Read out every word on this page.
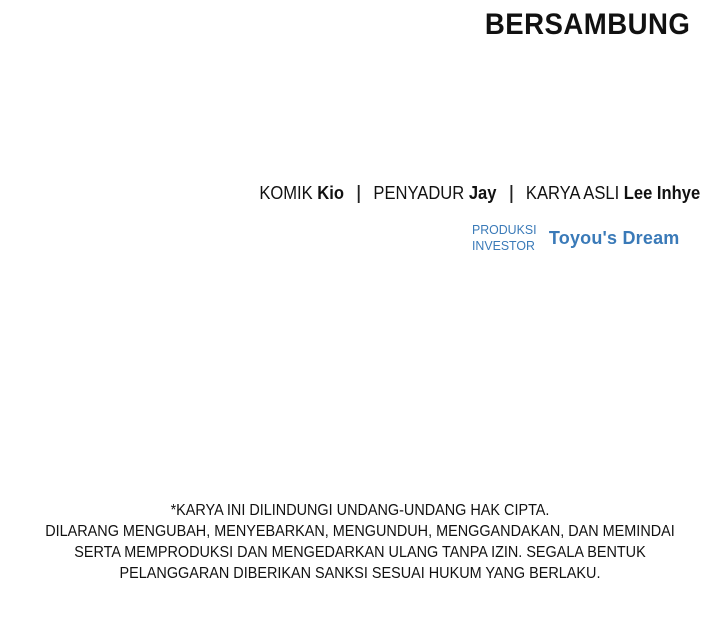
BERSAMBUNG
KOMIK Kio PENYADUR Jay KARYA ASLI Lee Inhye
PRODUKSI
INVESTOR Toyou's Dream
*KARYA INI DILINDUNGI UNDANG-UNDANG HAK CIPTA.
DILARANG MENGUBAH, MENYEBARKAN, MENGUNDUH, MENGGANDAKAN, DAN MEMINDAI
SERTA MEMPRODUKSI DAN MENGEDARKAN ULANG TANPA IZIN. SEGALA BENTUK
PELANGGARAN DIBERIKAN SANKSI SESUAI HUKUM YANG BERLAKU.
